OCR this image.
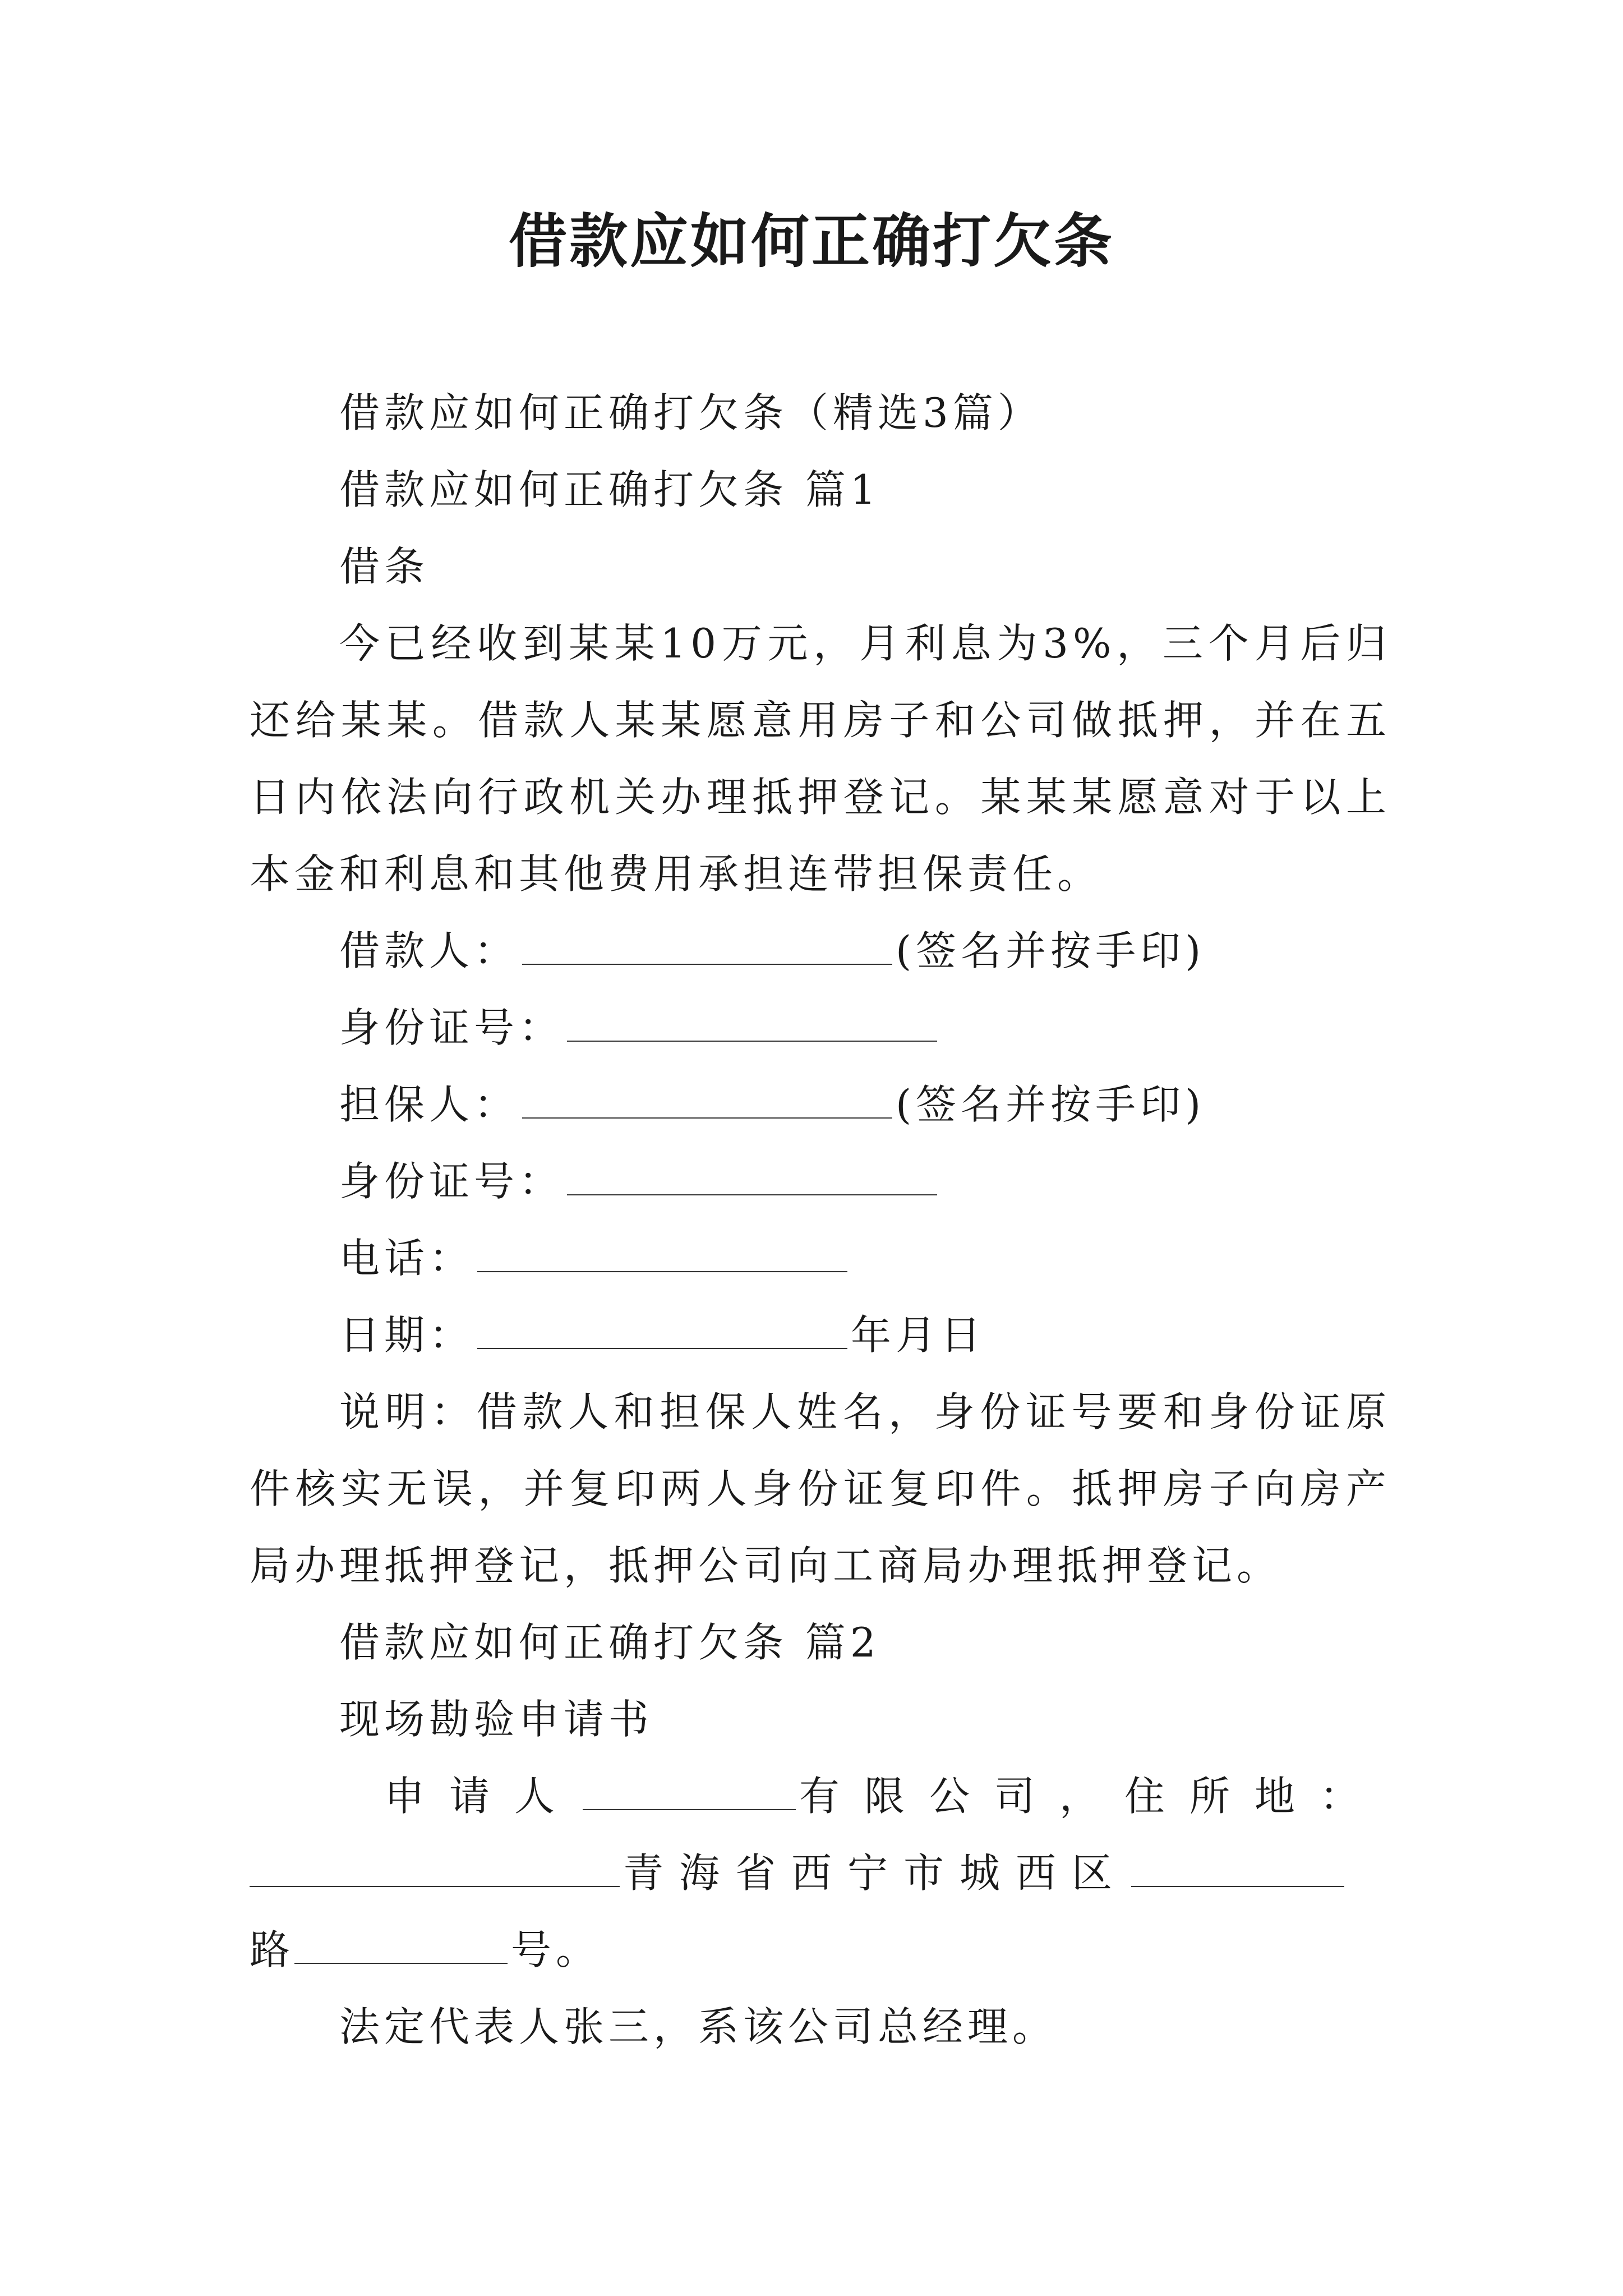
借款应如何正确打欠条

借款应如何正确打欠条（精选3篇）

借款应如何正确打欠条 篇1

借条

今已经收到某某10万元，月利息为3%，三个月后归还给某某。借款人某某愿意用房子和公司做抵押，并在五日内依法向行政机关办理抵押登记。某某某愿意对于以上本金和利息和其他费用承担连带担保责任。

借款人：	(签名并按手印)

身份证号：

担保人：	(签名并按手印)

身份证号：

电话：

日期：	年月日

说明：借款人和担保人姓名，身份证号要和身份证原件核实无误，并复印两人身份证复印件。抵押房子向房产局办理抵押登记，抵押公司向工商局办理抵押登记。

借款应如何正确打欠条 篇2

现场勘验申请书

申请人	有限公司，住所地：青海省西宁市城西区路	号。

法定代表人张三，系该公司总经理。
